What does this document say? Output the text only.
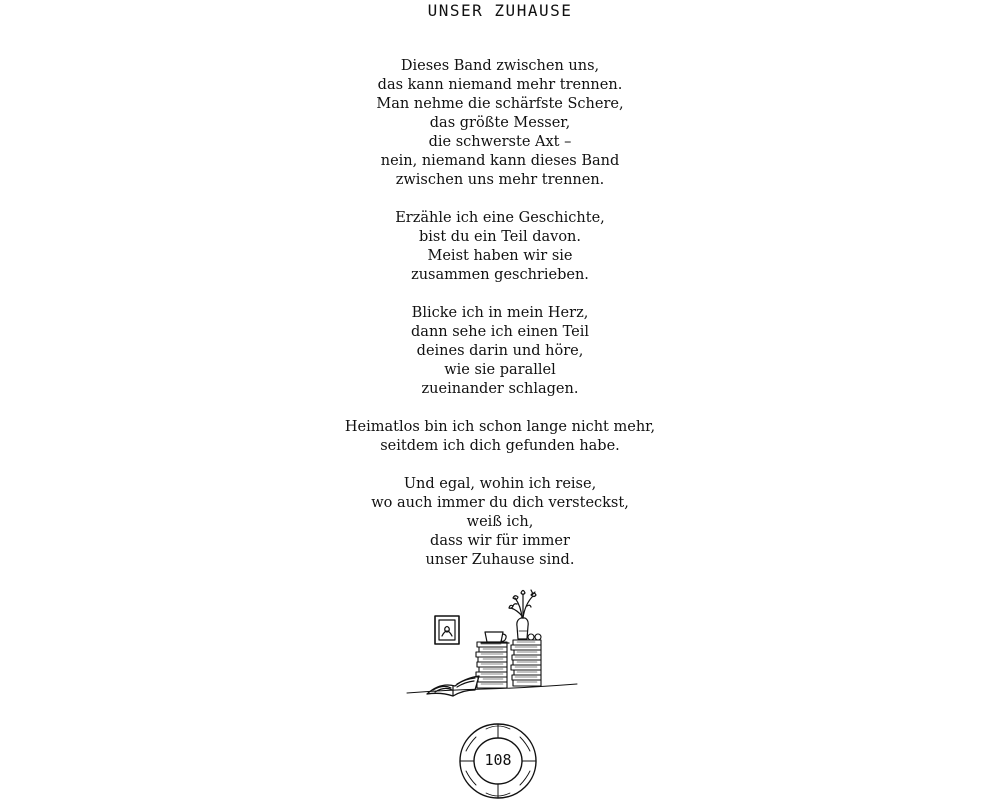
UNSER ZUHAUSE
Dieses Band zwischen uns,
das kann niemand mehr trennen.
Man nehme die schärfste Schere,
das größte Messer,
die schwerste Axt –
nein, niemand kann dieses Band
zwischen uns mehr trennen.
Erzähle ich eine Geschichte,
bist du ein Teil davon.
Meist haben wir sie
zusammen geschrieben.
Blicke ich in mein Herz,
dann sehe ich einen Teil
deines darin und höre,
wie sie parallel
zueinander schlagen.
Heimatlos bin ich schon lange nicht mehr,
seitdem ich dich gefunden habe.
Und egal, wohin ich reise,
wo auch immer du dich versteckst,
weiß ich,
dass wir für immer
unser Zuhause sind.
108
